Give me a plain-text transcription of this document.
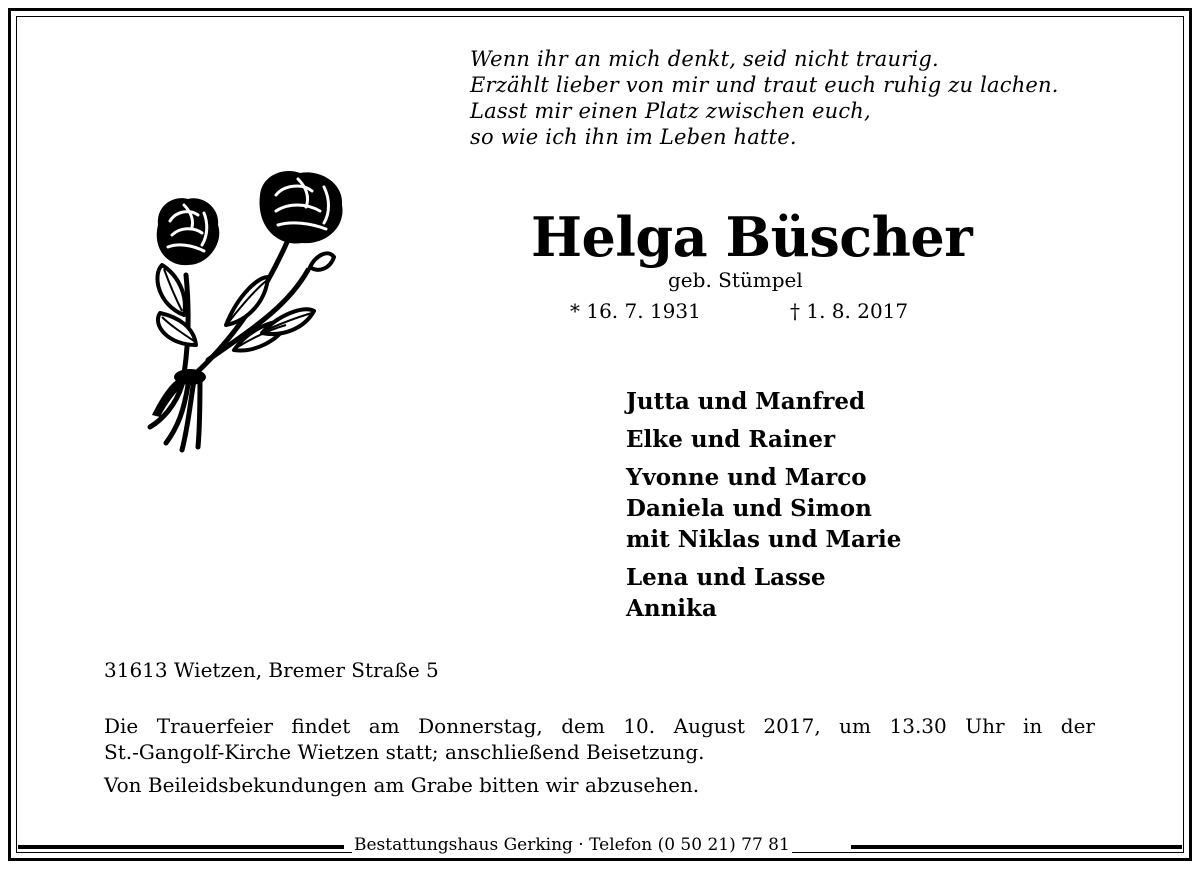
Wenn ihr an mich denkt, seid nicht traurig.
Erzählt lieber von mir und traut euch ruhig zu lachen.
Lasst mir einen Platz zwischen euch,
so wie ich ihn im Leben hatte.
Helga Büscher
geb. Stümpel
* 16. 7. 1931	† 1. 8. 2017
Jutta und Manfred
Elke und Rainer
Yvonne und Marco
Daniela und Simon
mit Niklas und Marie
Lena und Lasse
Annika
31613 Wietzen, Bremer Straße 5
Die Trauerfeier findet am Donnerstag, dem 10. August 2017, um 13.30 Uhr in der
St.-Gangolf-Kirche Wietzen statt; anschließend Beisetzung.
Von Beileidsbekundungen am Grabe bitten wir abzusehen.
Bestattungshaus Gerking · Telefon (0 50 21) 77 81
